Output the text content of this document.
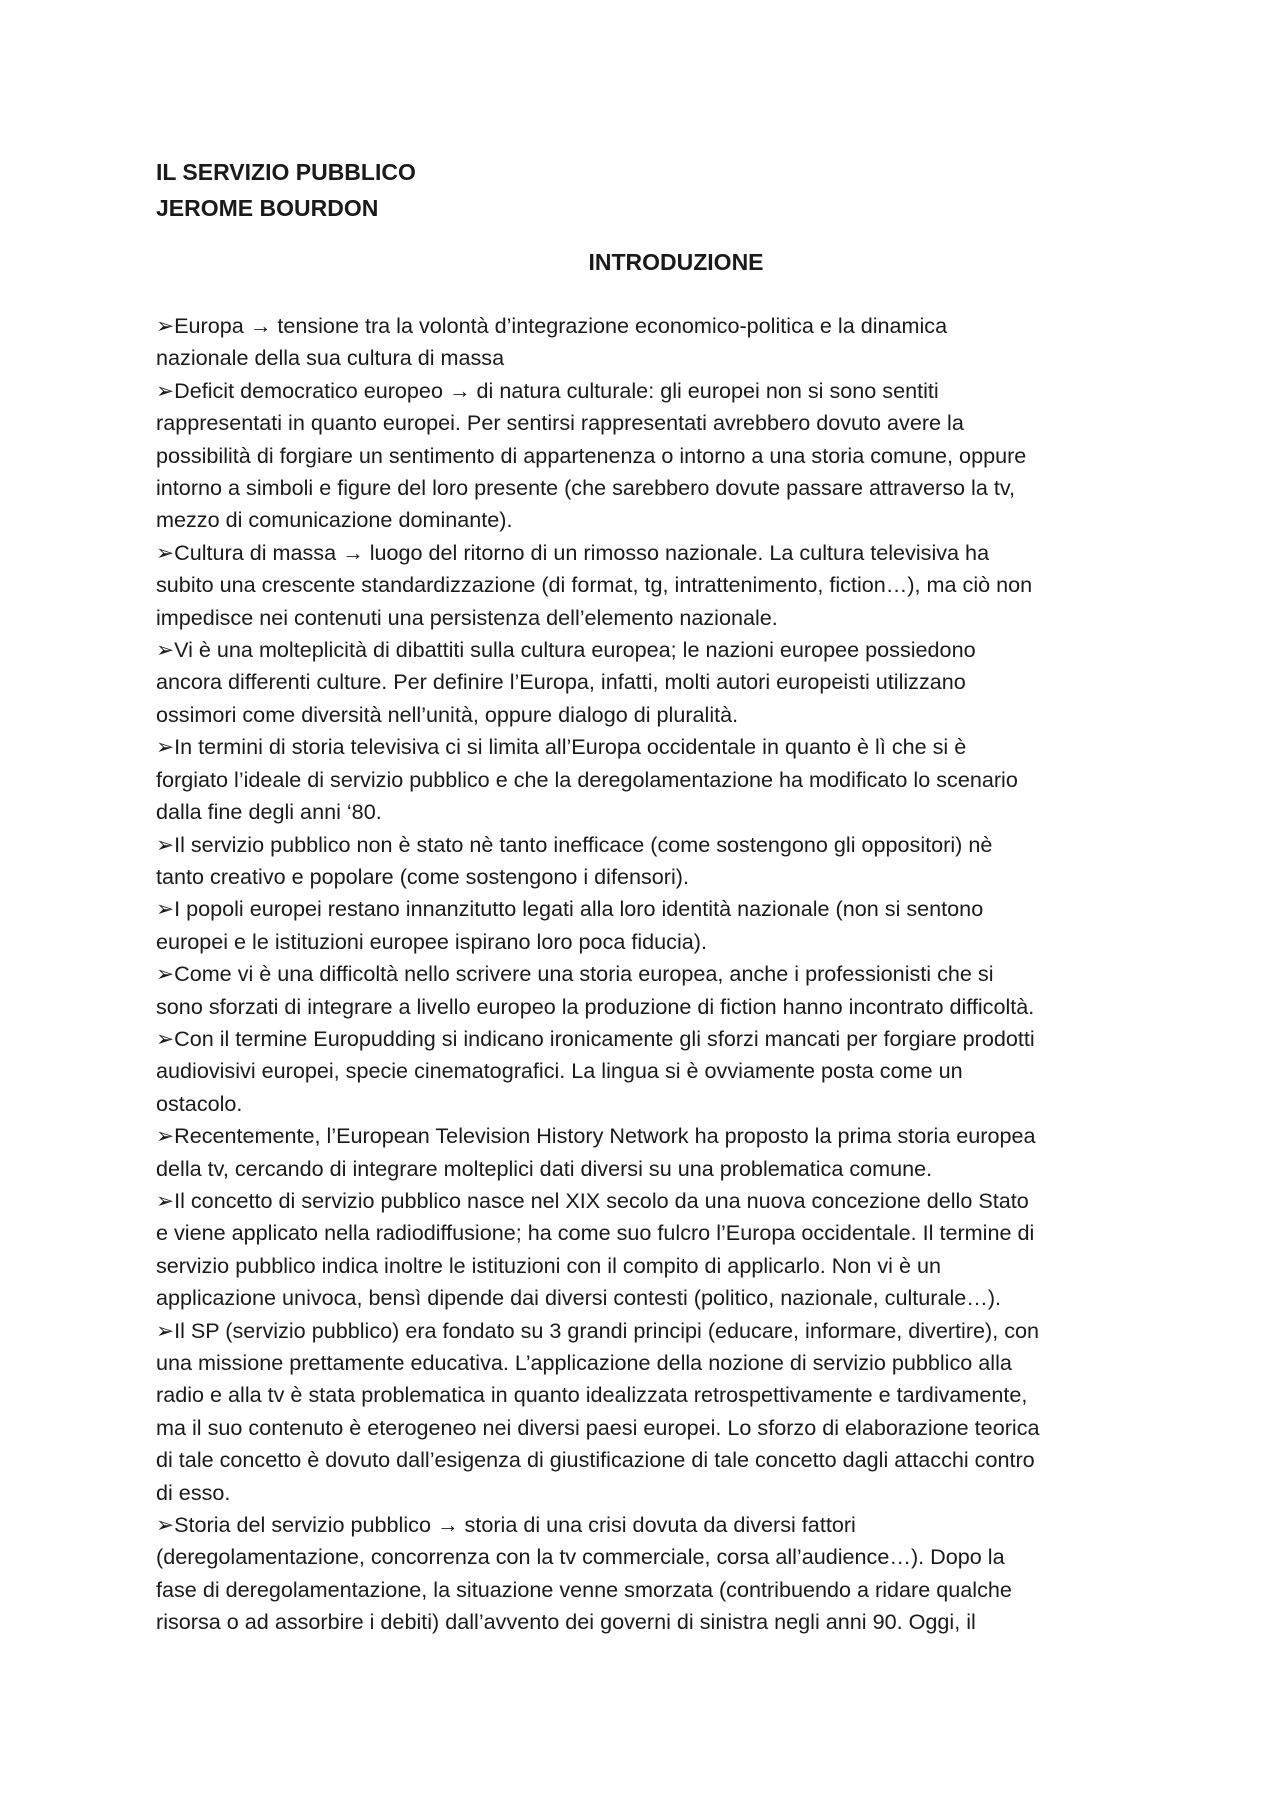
IL SERVIZIO PUBBLICO

JEROME BOURDON

INTRODUZIONE

➢Europa → tensione tra la volontà d’integrazione economico-politica e la dinamica

nazionale della sua cultura di massa

➢Deficit democratico europeo → di natura culturale: gli europei non si sono sentiti

rappresentati in quanto europei. Per sentirsi rappresentati avrebbero dovuto avere la

possibilità di forgiare un sentimento di appartenenza o intorno a una storia comune, oppure

intorno a simboli e figure del loro presente (che sarebbero dovute passare attraverso la tv,

mezzo di comunicazione dominante).

➢Cultura di massa → luogo del ritorno di un rimosso nazionale. La cultura televisiva ha

subito una crescente standardizzazione (di format, tg, intrattenimento, fiction…), ma ciò non

impedisce nei contenuti una persistenza dell’elemento nazionale.

➢Vi è una molteplicità di dibattiti sulla cultura europea; le nazioni europee possiedono

ancora differenti culture. Per definire l’Europa, infatti, molti autori europeisti utilizzano

ossimori come diversità nell’unità, oppure dialogo di pluralità.

➢In termini di storia televisiva ci si limita all’Europa occidentale in quanto è lì che si è

forgiato l’ideale di servizio pubblico e che la deregolamentazione ha modificato lo scenario

dalla fine degli anni ‘80.

➢Il servizio pubblico non è stato nè tanto inefficace (come sostengono gli oppositori) nè

tanto creativo e popolare (come sostengono i difensori).

➢I popoli europei restano innanzitutto legati alla loro identità nazionale (non si sentono

europei e le istituzioni europee ispirano loro poca fiducia).

➢Come vi è una difficoltà nello scrivere una storia europea, anche i professionisti che si

sono sforzati di integrare a livello europeo la produzione di fiction hanno incontrato difficoltà.

➢Con il termine Europudding si indicano ironicamente gli sforzi mancati per forgiare prodotti

audiovisivi europei, specie cinematografici. La lingua si è ovviamente posta come un

ostacolo.

➢Recentemente, l’European Television History Network ha proposto la prima storia europea

della tv, cercando di integrare molteplici dati diversi su una problematica comune.

➢Il concetto di servizio pubblico nasce nel XIX secolo da una nuova concezione dello Stato

e viene applicato nella radiodiffusione; ha come suo fulcro l’Europa occidentale. Il termine di

servizio pubblico indica inoltre le istituzioni con il compito di applicarlo. Non vi è un

applicazione univoca, bensì dipende dai diversi contesti (politico, nazionale, culturale…).

➢Il SP (servizio pubblico) era fondato su 3 grandi principi (educare, informare, divertire), con

una missione prettamente educativa. L’applicazione della nozione di servizio pubblico alla

radio e alla tv è stata problematica in quanto idealizzata retrospettivamente e tardivamente,

ma il suo contenuto è eterogeneo nei diversi paesi europei. Lo sforzo di elaborazione teorica

di tale concetto è dovuto dall’esigenza di giustificazione di tale concetto dagli attacchi contro

di esso.

➢Storia del servizio pubblico → storia di una crisi dovuta da diversi fattori

(deregolamentazione, concorrenza con la tv commerciale, corsa all’audience…). Dopo la

fase di deregolamentazione, la situazione venne smorzata (contribuendo a ridare qualche

risorsa o ad assorbire i debiti) dall’avvento dei governi di sinistra negli anni 90. Oggi, il
